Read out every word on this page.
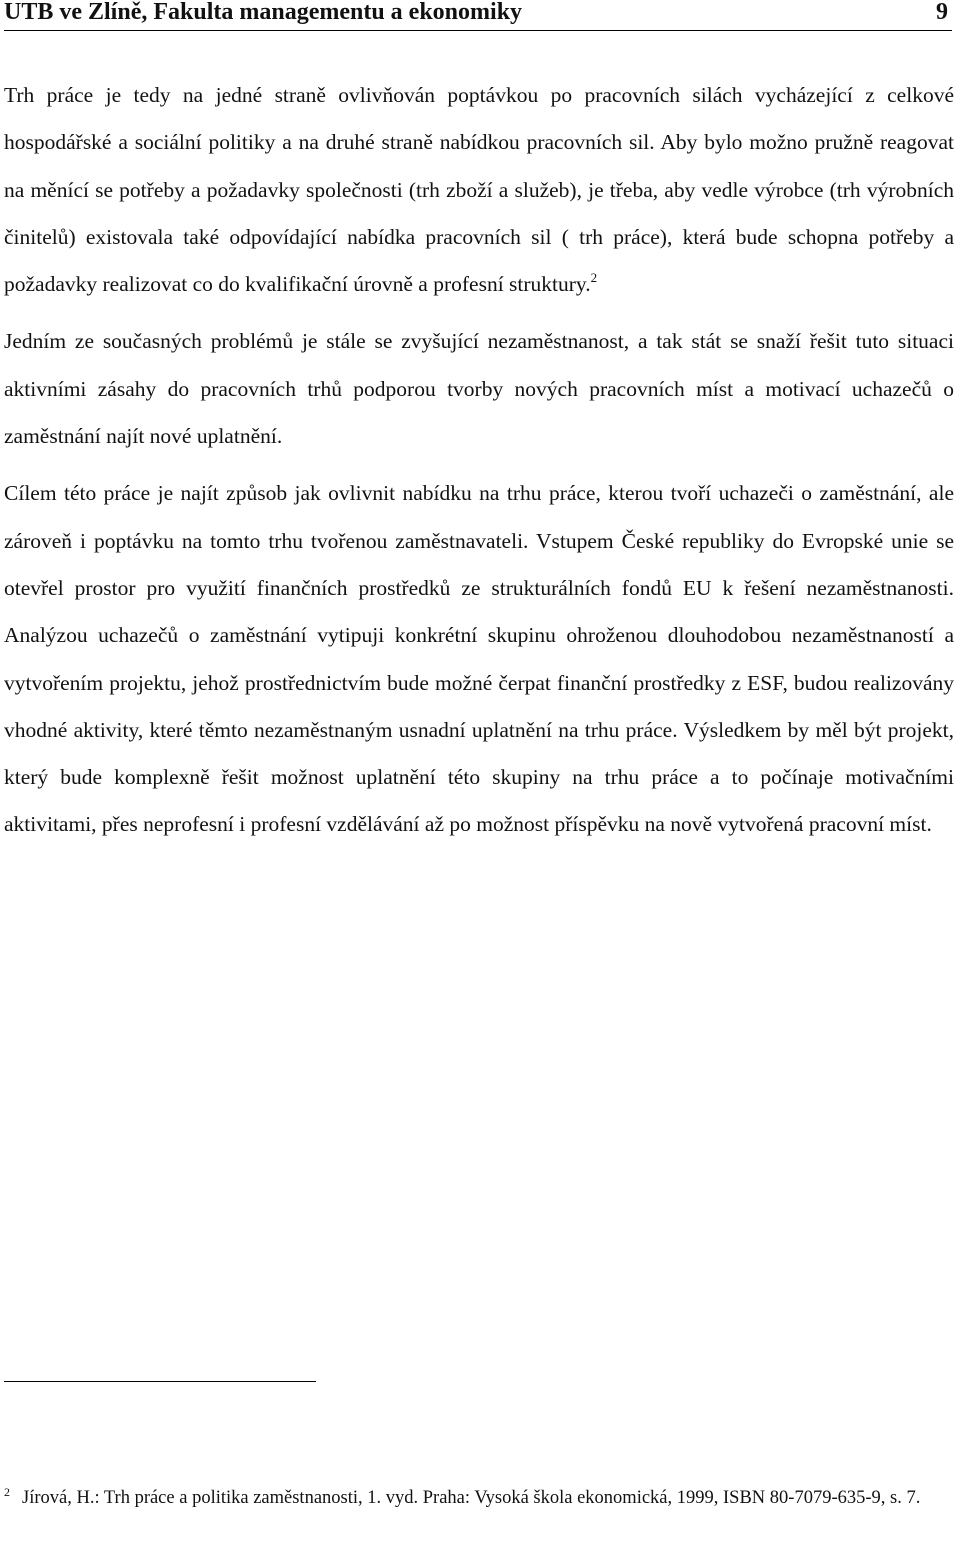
UTB ve Zlíně, Fakulta managementu a ekonomiky	9

Trh práce je tedy na jedné straně ovlivňován poptávkou po pracovních silách vycházející z celkové hospodářské a sociální politiky a na druhé straně nabídkou pracovních sil. Aby bylo možno pružně reagovat na měnící se potřeby a požadavky společnosti (trh zboží a služeb), je třeba, aby vedle výrobce (trh výrobních činitelů) existovala také odpovídající nabídka pracovních sil ( trh práce), která bude schopna potřeby a požadavky realizovat co do kvalifikační úrovně a profesní struktury.$^2$

Jedním ze současných problémů je stále se zvyšující nezaměstnanost, a tak stát se snaží řešit tuto situaci aktivními zásahy do pracovních trhů podporou tvorby nových pracovních míst a motivací uchazečů o zaměstnání najít nové uplatnění.

Cílem této práce je najít způsob jak ovlivnit nabídku na trhu práce, kterou tvoří uchazeči o zaměstnání, ale zároveň i poptávku na tomto trhu tvořenou zaměstnavateli. Vstupem České republiky do Evropské unie se otevřel prostor pro využití finančních prostředků ze strukturálních fondů EU k řešení nezaměstnanosti. Analýzou uchazečů o zaměstnání vytipuji konkrétní skupinu ohroženou dlouhodobou nezaměstnaností a vytvořením projektu, jehož prostřednictvím bude možné čerpat finanční prostředky z ESF, budou realizovány vhodné aktivity, které těmto nezaměstnaným usnadní uplatnění na trhu práce. Výsledkem by měl být projekt, který bude komplexně řešit možnost uplatnění této skupiny na trhu práce a to počínaje motivačními aktivitami, přes neprofesní i profesní vzdělávání až po možnost příspěvku na nově vytvořená pracovní míst.

$^2$ Jírová, H.: Trh práce a politika zaměstnanosti, 1. vyd. Praha: Vysoká škola ekonomická, 1999, ISBN 80-7079-635-9, s. 7.
